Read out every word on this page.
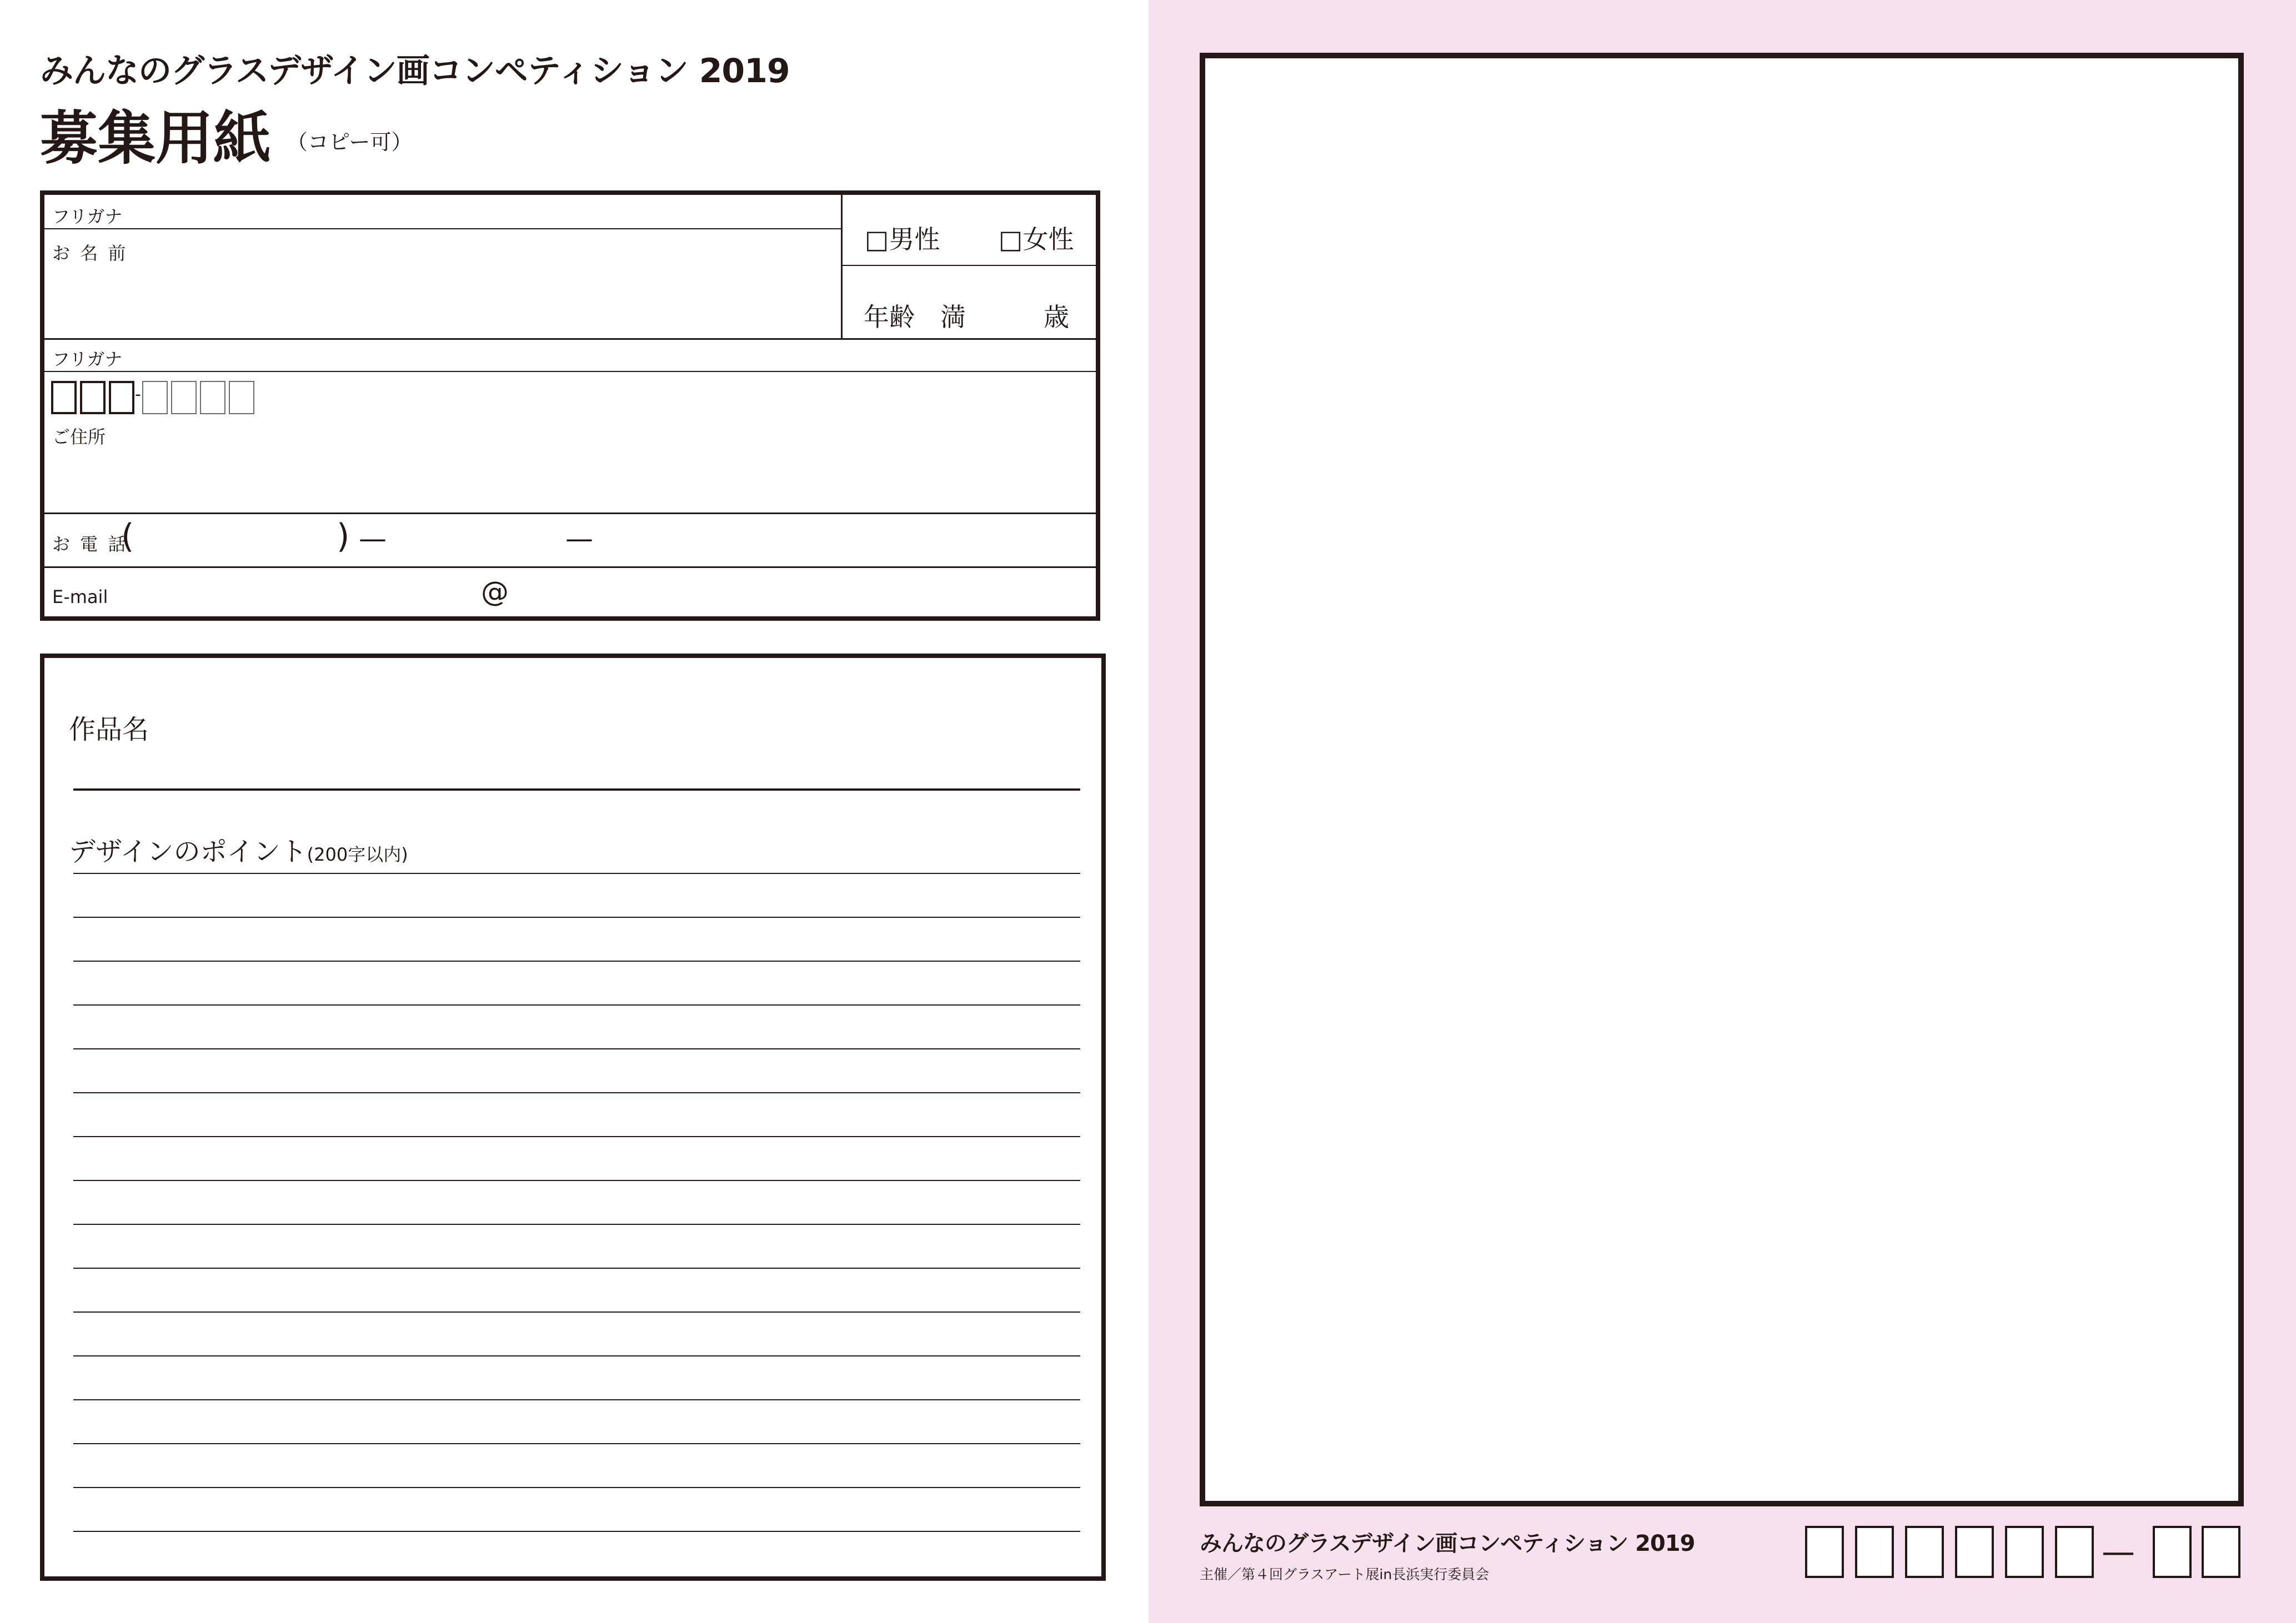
みんなのグラスデザイン画コンペティション 2019
募集用紙 （コピー可）
フリガナ
お 名 前	□男性 □女性
年齢　満	歳
フリガナ
-
ご住所
お 電 話
(	) —	—
E-mail	@
作品名
デザインのポイント(200字以内)
みんなのグラスデザイン画コンペティション 2019
主催／第４回グラスアート展in長浜実行委員会
—
